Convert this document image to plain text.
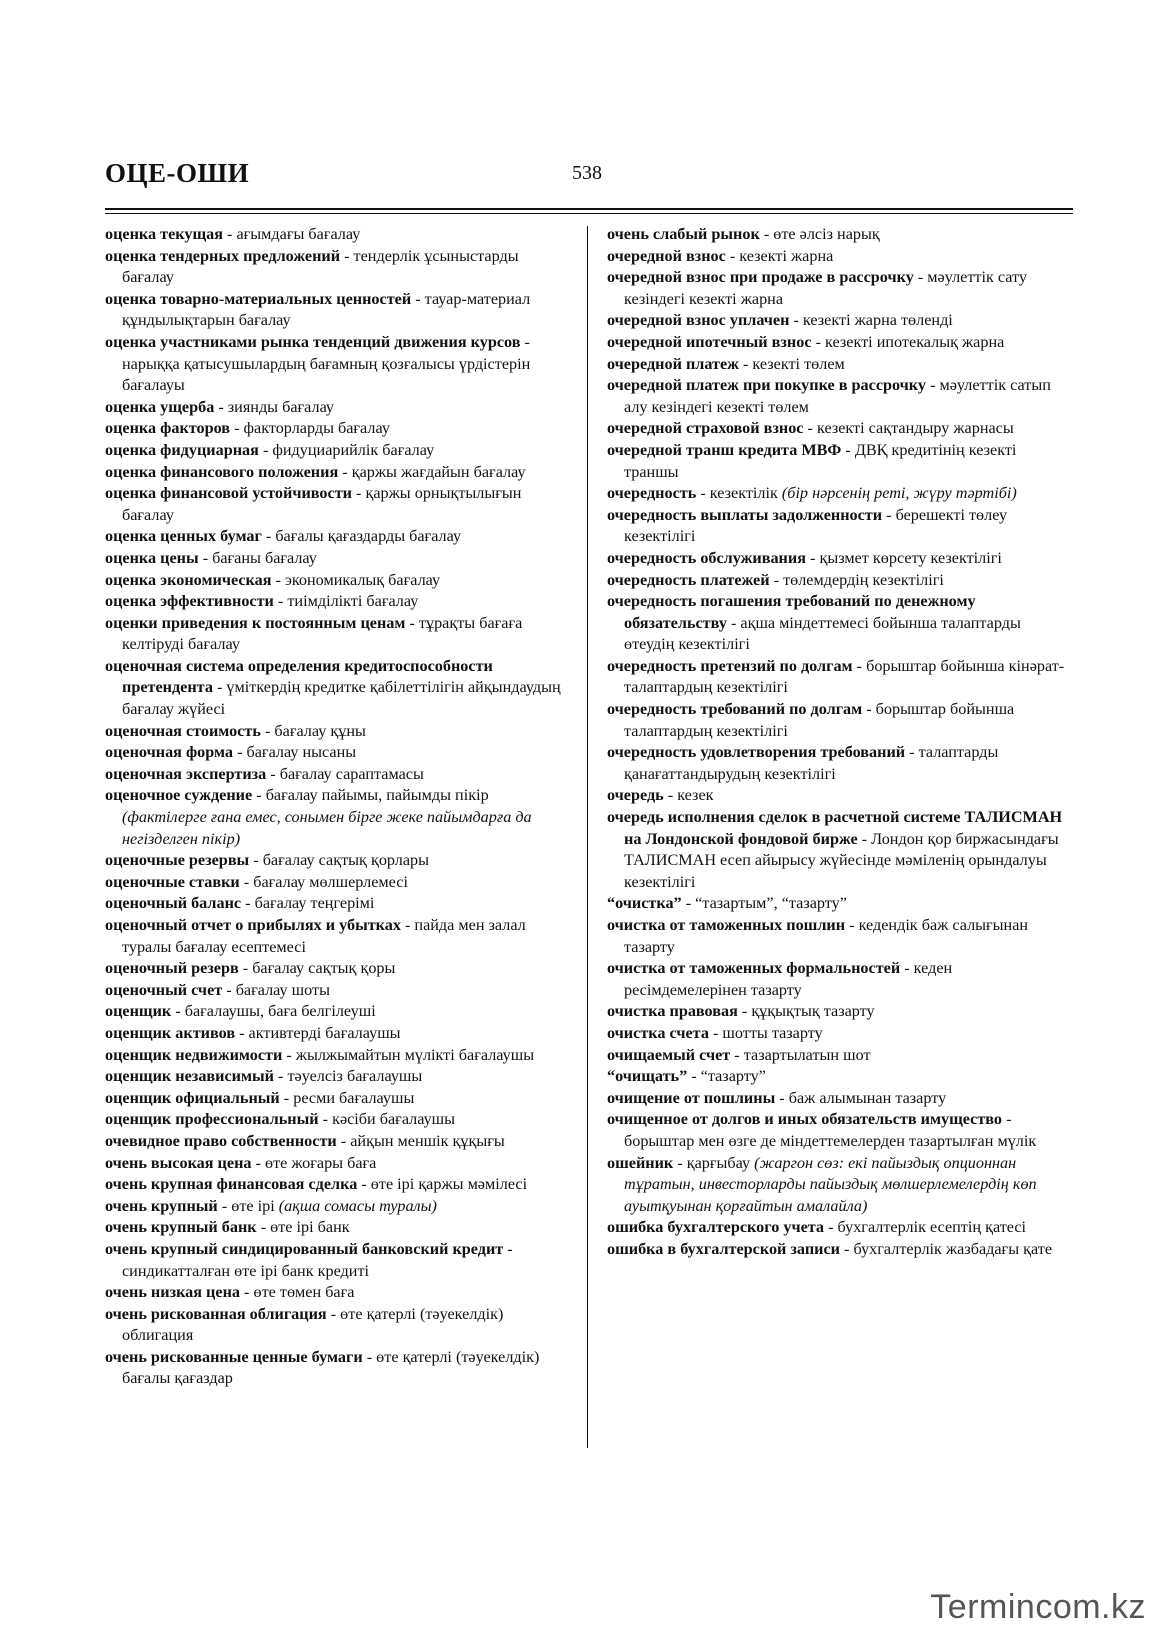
ОЦЕ-ОШИ	538

оценка текущая - ағымдағы бағалау

оценка тендерных предложений - тендерлік ұсыныстарды бағалау

оценка товарно-материальных ценностей - тауар-материал құндылықтарын бағалау

оценка участниками рынка тенденций движения курсов - нарыққа қатысушылардың бағамның қозғалысы үрдістерін бағалауы

оценка ущерба - зиянды бағалау

оценка факторов - факторларды бағалау

оценка фидуциарная - фидуциарийлік бағалау

оценка финансового положения - қаржы жағдайын бағалау

оценка финансовой устойчивости - қаржы орнықтылығын бағалау

оценка ценных бумаг - бағалы қағаздарды бағалау

оценка цены - бағаны бағалау

оценка экономическая - экономикалық бағалау

оценка эффективности - тиімділікті бағалау

оценки приведения к постоянным ценам - тұрақты бағаға келтіруді бағалау

оценочная система определения кредитоспособности претендента - үміткердің кредитке қабілеттілігін айқындаудың бағалау жүйесі

оценочная стоимость - бағалау құны

оценочная форма - бағалау нысаны

оценочная экспертиза - бағалау сараптамасы

оценочное суждение - бағалау пайымы, пайымды пікір (фактілерге ғана емес, сонымен бірге жеке пайымдарға да негізделген пікір)

оценочные резервы - бағалау сақтық қорлары

оценочные ставки - бағалау мөлшерлемесі

оценочный баланс - бағалау теңгерімі

оценочный отчет о прибылях и убытках - пайда мен залал туралы бағалау есептемесі

оценочный резерв - бағалау сақтық қоры

оценочный счет - бағалау шоты

оценщик - бағалаушы, баға белгілеуші

оценщик активов - активтерді бағалаушы

оценщик недвижимости - жылжымайтын мүлікті бағалаушы

оценщик независимый - тәуелсіз бағалаушы

оценщик официальный - ресми бағалаушы

оценщик профессиональный - кәсіби бағалаушы

очевидное право собственности - айқын меншік құқығы

очень высокая цена - өте жоғары баға

очень крупная финансовая сделка - өте ірі қаржы мәмілесі

очень крупный - өте ірі (ақша сомасы туралы)

очень крупный банк - өте ірі банк

очень крупный синдицированный банковский кредит - синдикатталған өте ірі банк кредиті

очень низкая цена - өте төмен баға

очень рискованная облигация - өте қатерлі (тәуекелдік) облигация

очень рискованные ценные бумаги - өте қатерлі (тәуекелдік) бағалы қағаздар

очень слабый рынок - өте әлсіз нарық

очередной взнос - кезекті жарна

очередной взнос при продаже в рассрочку - мәулеттік сату кезіндегі кезекті жарна

очередной взнос уплачен - кезекті жарна төленді

очередной ипотечный взнос - кезекті ипотекалық жарна

очередной платеж - кезекті төлем

очередной платеж при покупке в рассрочку - мәулеттік сатып алу кезіндегі кезекті төлем

очередной страховой взнос - кезекті сақтандыру жарнасы

очередной транш кредита МВФ - ДВҚ кредитінің кезекті траншы

очередность - кезектілік (бір нәрсенің реті, жүру тәртібі)

очередность выплаты задолженности - берешекті төлеу кезектілігі

очередность обслуживания - қызмет көрсету кезектілігі

очередность платежей - төлемдердің кезектілігі

очередность погашения требований по денежному обязательству - ақша міндеттемесі бойынша талаптарды өтеудің кезектілігі

очередность претензий по долгам - борыштар бойынша кінәрат-талаптардың кезектілігі

очередность требований по долгам - борыштар бойынша талаптардың кезектілігі

очередность удовлетворения требований - талаптарды қанағаттандырудың кезектілігі

очередь - кезек

очередь исполнения сделок в расчетной системе ТАЛИСМАН на Лондонской фондовой бирже - Лондон қор биржасындағы ТАЛИСМАН есеп айырысу жүйесінде мәміленің орындалуы кезектілігі

“очистка” - “тазартым”, “тазарту”

очистка от таможенных пошлин - кедендік баж салығынан тазарту

очистка от таможенных формальностей - кеден ресімдемелерінен тазарту

очистка правовая - құқықтық тазарту

очистка счета - шотты тазарту

очищаемый счет - тазартылатын шот

“очищать” - “тазарту”

очищение от пошлины - баж алымынан тазарту

очищенное от долгов и иных обязательств имущество - борыштар мен өзге де міндеттемелерден тазартылған мүлік

ошейник - қарғыбау (жаргон сөз: екі пайыздық опционнан тұратын, инвесторларды пайыздық мөлшерлемелердің көп ауытқуынан қорғайтын амалайла)

ошибка бухгалтерского учета - бухгалтерлік есептің қатесі

ошибка в бухгалтерской записи - бухгалтерлік жазбадағы қате

Termincom.kz
